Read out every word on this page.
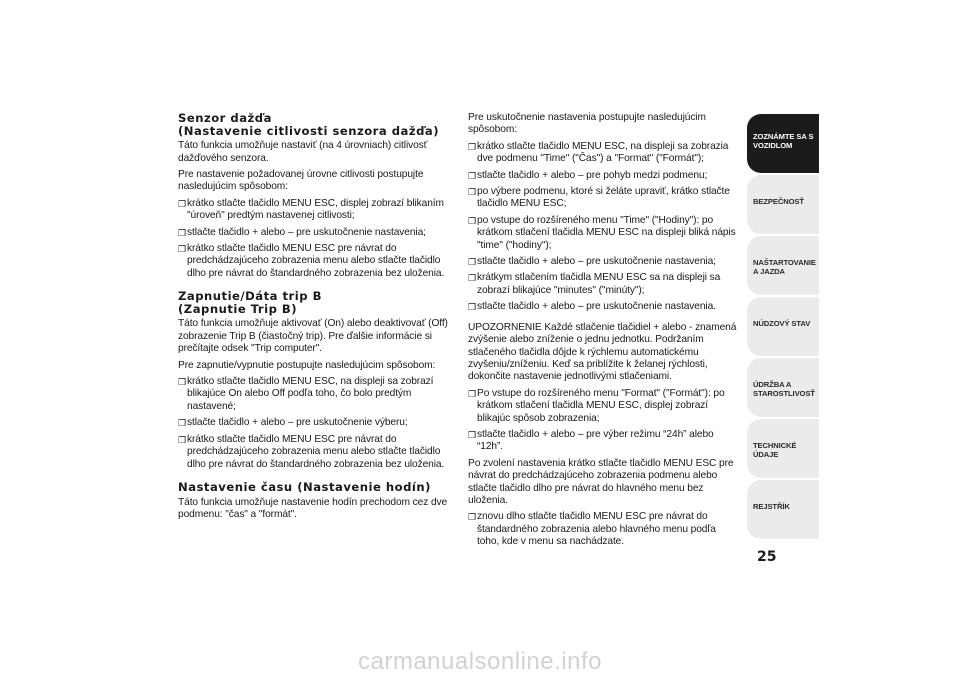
Senzor dažďa
(Nastavenie citlivosti senzora dažďa)

Táto funkcia umožňuje nastaviť (na 4 úrovniach) citlivosť dažďového senzora.

Pre nastavenie požadovanej úrovne citlivosti postupujte nasledujúcim spôsobom:

❒ krátko stlačte tlačidlo MENU ESC, displej zobrazí blikaním "úroveň" predtým nastavenej citlivosti;
❒ stlačte tlačidlo + alebo – pre uskutočnenie nastavenia;
❒ krátko stlačte tlačidlo MENU ESC pre návrat do predchádzajúceho zobrazenia menu alebo stlačte tlačidlo dlho pre návrat do štandardného zobrazenia bez uloženia.
Zapnutie/Dáta trip B
(Zapnutie Trip B)

Táto funkcia umožňuje aktivovať (On) alebo deaktivovať (Off) zobrazenie Trip B (čiastočný trip). Pre ďalšie informácie si prečítajte odsek "Trip computer".

Pre zapnutie/vypnutie postupujte nasledujúcim spôsobom:

❒ krátko stlačte tlačidlo MENU ESC, na displeji sa zobrazí blikajúce On alebo Off podľa toho, čo bolo predtým nastavené;
❒ stlačte tlačidlo + alebo – pre uskutočnenie výberu;
❒ krátko stlačte tlačidlo MENU ESC pre návrat do predchádzajúceho zobrazenia menu alebo stlačte tlačidlo dlho pre návrat do štandardného zobrazenia bez uloženia.
Nastavenie času (Nastavenie hodín)

Táto funkcia umožňuje nastavenie hodín prechodom cez dve podmenu: "čas" a "formát".

Pre uskutočnenie nastavenia postupujte nasledujúcim spôsobom:

❒ krátko stlačte tlačidlo MENU ESC, na displeji sa zobrazia dve podmenu "Time" ("Čas") a "Format" ("Formát");
❒ stlačte tlačidlo + alebo – pre pohyb medzi podmenu;
❒ po výbere podmenu, ktoré si želáte upraviť, krátko stlačte tlačidlo MENU ESC;
❒ po vstupe do rozšíreného menu "Time" ("Hodiny"): po krátkom stlačení tlačidla MENU ESC na displeji bliká nápis "time" ("hodiny");
❒ stlačte tlačidlo + alebo – pre uskutočnenie nastavenia;
❒ krátkym stlačením tlačidla MENU ESC sa na displeji sa zobrazí blikajúce "minutes" ("minúty");
❒ stlačte tlačidlo + alebo – pre uskutočnenie nastavenia.

UPOZORNENIE Každé stlačenie tlačidiel + alebo - znamená zvýšenie alebo zníženie o jednu jednotku. Podržaním stlačeného tlačidla dôjde k rýchlemu automatickému zvyšeniu/zníženiu. Keď sa priblížite k želanej rýchlosti, dokončite nastavenie jednotlivými stlačeniami.

❒ Po vstupe do rozšíreného menu "Format" ("Formát"): po krátkom stlačení tlačidla MENU ESC, displej zobrazí blikajúc spôsob zobrazenia;
❒ stlačte tlačidlo + alebo – pre výber režimu “24h” alebo “12h”.

Po zvolení nastavenia krátko stlačte tlačidlo MENU ESC pre návrat do predchádzajúceho zobrazenia podmenu alebo stlačte tlačidlo dlho pre návrat do hlavného menu bez uloženia.

❒ znovu dlho stlačte tlačidlo MENU ESC pre návrat do štandardného zobrazenia alebo hlavného menu podľa toho, kde v menu sa nachádzate.
ZOZNÁMTE SA S VOZIDLOM
BEZPEČNOSŤ
NAŠTARTOVANIE A JAZDA
NÚDZOVÝ STAV
ÚDRŽBA A STAROSTLIVOSŤ
TECHNICKÉ ÚDAJE
REJSTŘÍK
25
carmanualsonline.info
